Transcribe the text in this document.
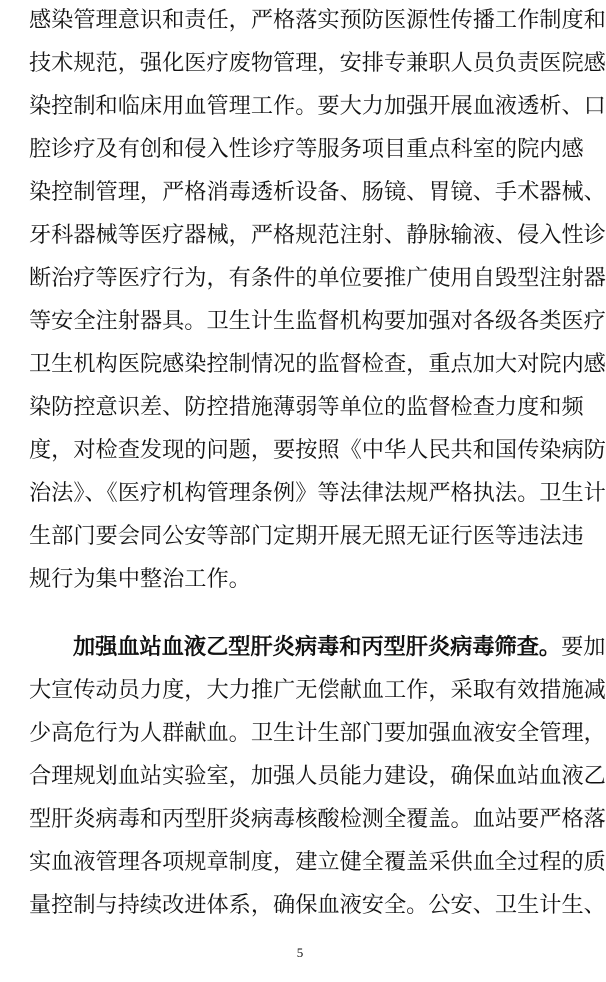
感染管理意识和责任，严格落实预防医源性传播工作制度和
技术规范，强化医疗废物管理，安排专兼职人员负责医院感
染控制和临床用血管理工作。要大力加强开展血液透析、口
腔诊疗及有创和侵入性诊疗等服务项目重点科室的院内感
染控制管理，严格消毒透析设备、肠镜、胃镜、手术器械、
牙科器械等医疗器械，严格规范注射、静脉输液、侵入性诊
断治疗等医疗行为，有条件的单位要推广使用自毁型注射器
等安全注射器具。卫生计生监督机构要加强对各级各类医疗
卫生机构医院感染控制情况的监督检查，重点加大对院内感
染防控意识差、防控措施薄弱等单位的监督检查力度和频
度，对检查发现的问题，要按照《中华人民共和国传染病防
治法》、《医疗机构管理条例》等法律法规严格执法。卫生计
生部门要会同公安等部门定期开展无照无证行医等违法违
规行为集中整治工作。
加强血站血液乙型肝炎病毒和丙型肝炎病毒筛查。要加
大宣传动员力度，大力推广无偿献血工作，采取有效措施减
少高危行为人群献血。卫生计生部门要加强血液安全管理，
合理规划血站实验室，加强人员能力建设，确保血站血液乙
型肝炎病毒和丙型肝炎病毒核酸检测全覆盖。血站要严格落
实血液管理各项规章制度，建立健全覆盖采供血全过程的质
量控制与持续改进体系，确保血液安全。公安、卫生计生、
5
